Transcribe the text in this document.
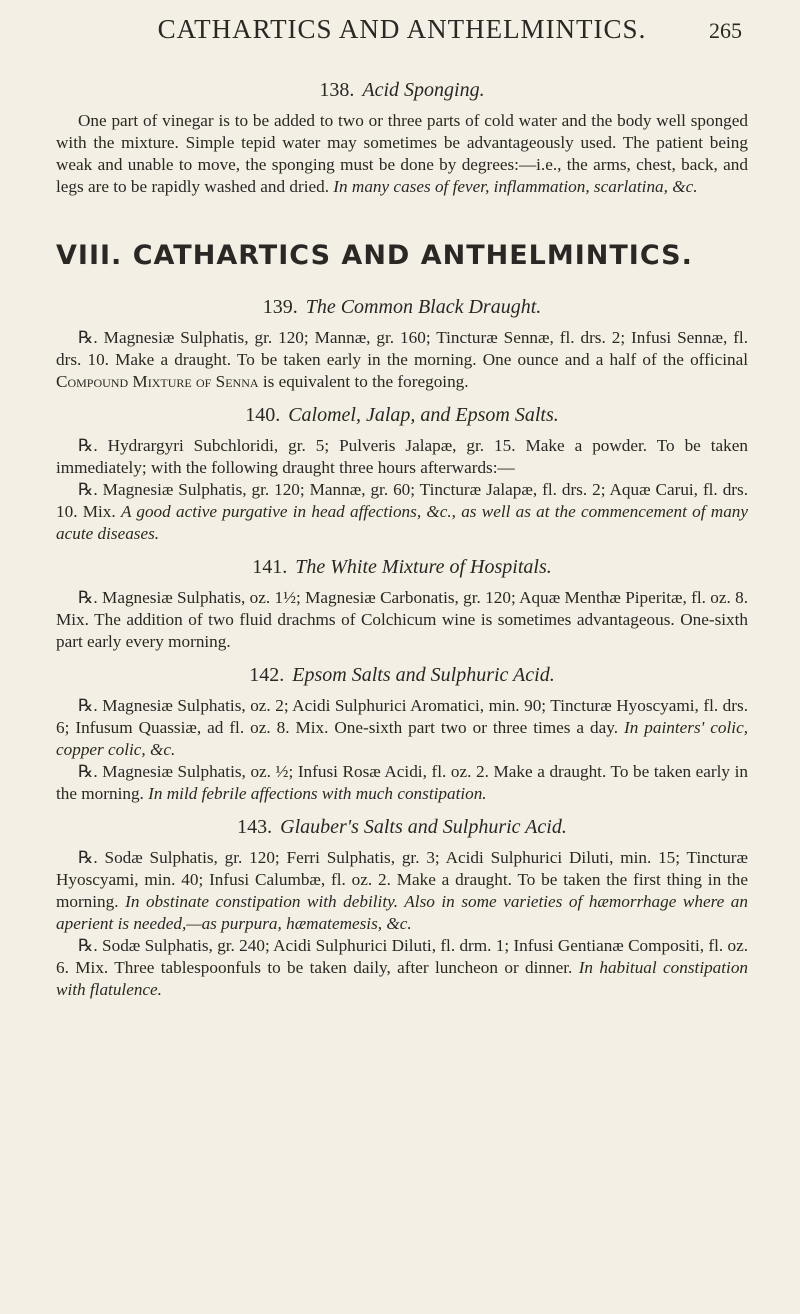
CATHARTICS AND ANTHELMINTICS.	265
138. Acid Sponging.

One part of vinegar is to be added to two or three parts of cold water and the body well sponged with the mixture. Simple tepid water may sometimes be advantageously used. The patient being weak and unable to move, the sponging must be done by degrees:—i.e., the arms, chest, back, and legs are to be rapidly washed and dried. In many cases of fever, inflammation, scarlatina, &c.

VIII. CATHARTICS AND ANTHELMINTICS.
139. The Common Black Draught.

℞. Magnesiæ Sulphatis, gr. 120; Mannæ, gr. 160; Tincturæ Sennæ, fl. drs. 2; Infusi Sennæ, fl. drs. 10. Make a draught. To be taken early in the morning. One ounce and a half of the officinal Compound Mixture of Senna is equivalent to the foregoing.

140. Calomel, Jalap, and Epsom Salts.

℞. Hydrargyri Subchloridi, gr. 5; Pulveris Jalapæ, gr. 15. Make a powder. To be taken immediately; with the following draught three hours afterwards:—

℞. Magnesiæ Sulphatis, gr. 120; Mannæ, gr. 60; Tincturæ Jalapæ, fl. drs. 2; Aquæ Carui, fl. drs. 10. Mix. A good active purgative in head affections, &c., as well as at the commencement of many acute diseases.

141. The White Mixture of Hospitals.

℞. Magnesiæ Sulphatis, oz. 1½; Magnesiæ Carbonatis, gr. 120; Aquæ Menthæ Piperitæ, fl. oz. 8. Mix. The addition of two fluid drachms of Colchicum wine is sometimes advantageous. One-sixth part early every morning.

142. Epsom Salts and Sulphuric Acid.

℞. Magnesiæ Sulphatis, oz. 2; Acidi Sulphurici Aromatici, min. 90; Tincturæ Hyoscyami, fl. drs. 6; Infusum Quassiæ, ad fl. oz. 8. Mix. One-sixth part two or three times a day. In painters' colic, copper colic, &c.

℞. Magnesiæ Sulphatis, oz. ½; Infusi Rosæ Acidi, fl. oz. 2. Make a draught. To be taken early in the morning. In mild febrile affections with much constipation.

143. Glauber's Salts and Sulphuric Acid.

℞. Sodæ Sulphatis, gr. 120; Ferri Sulphatis, gr. 3; Acidi Sulphurici Diluti, min. 15; Tincturæ Hyoscyami, min. 40; Infusi Calumbæ, fl. oz. 2. Make a draught. To be taken the first thing in the morning. In obstinate constipation with debility. Also in some varieties of hæmorrhage where an aperient is needed,—as purpura, hæmatemesis, &c.

℞. Sodæ Sulphatis, gr. 240; Acidi Sulphurici Diluti, fl. drm. 1; Infusi Gentianæ Compositi, fl. oz. 6. Mix. Three tablespoonfuls to be taken daily, after luncheon or dinner. In habitual constipation with flatulence.
